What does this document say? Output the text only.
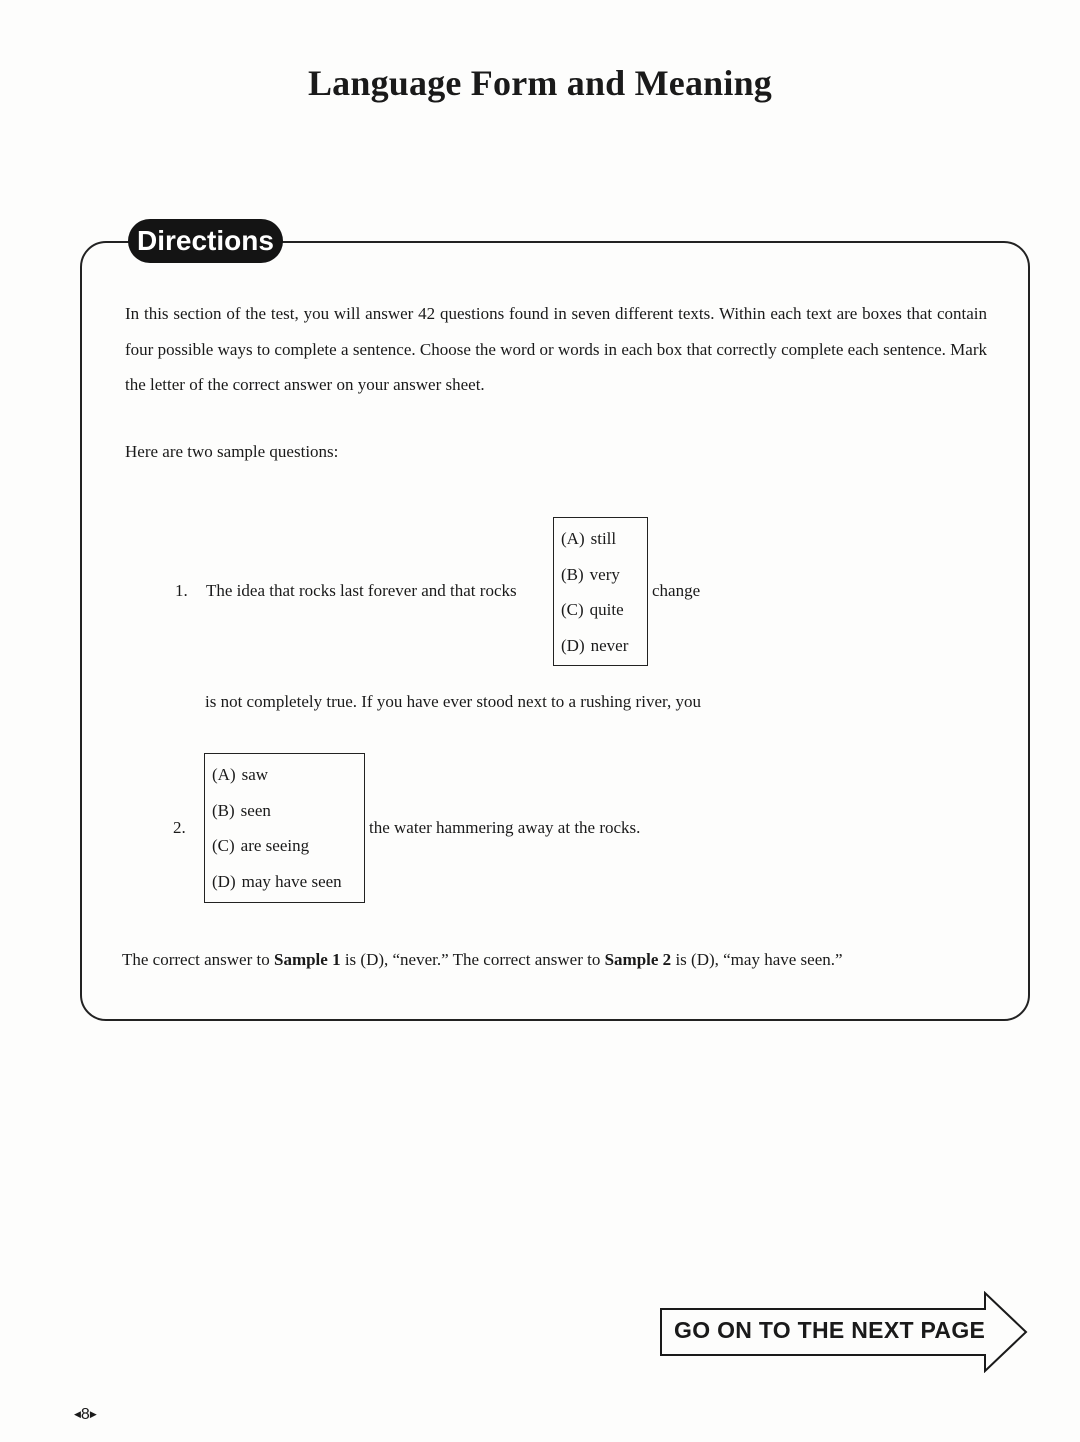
Language Form and Meaning
Directions
In this section of the test, you will answer 42 questions found in seven different texts. Within each text are boxes that contain four possible ways to complete a sentence. Choose the word or words in each box that correctly complete each sentence. Mark the letter of the correct answer on your answer sheet.
Here are two sample questions:
1. The idea that rocks last forever and that rocks
(A) still
(B) very
(C) quite
(D) never
change
is not completely true. If you have ever stood next to a rushing river, you
2.
(A) saw
(B) seen
(C) are seeing
(D) may have seen
the water hammering away at the rocks.
The correct answer to Sample 1 is (D), “never.” The correct answer to Sample 2 is (D), “may have seen.”
GO ON TO THE NEXT PAGE
◀8▶
